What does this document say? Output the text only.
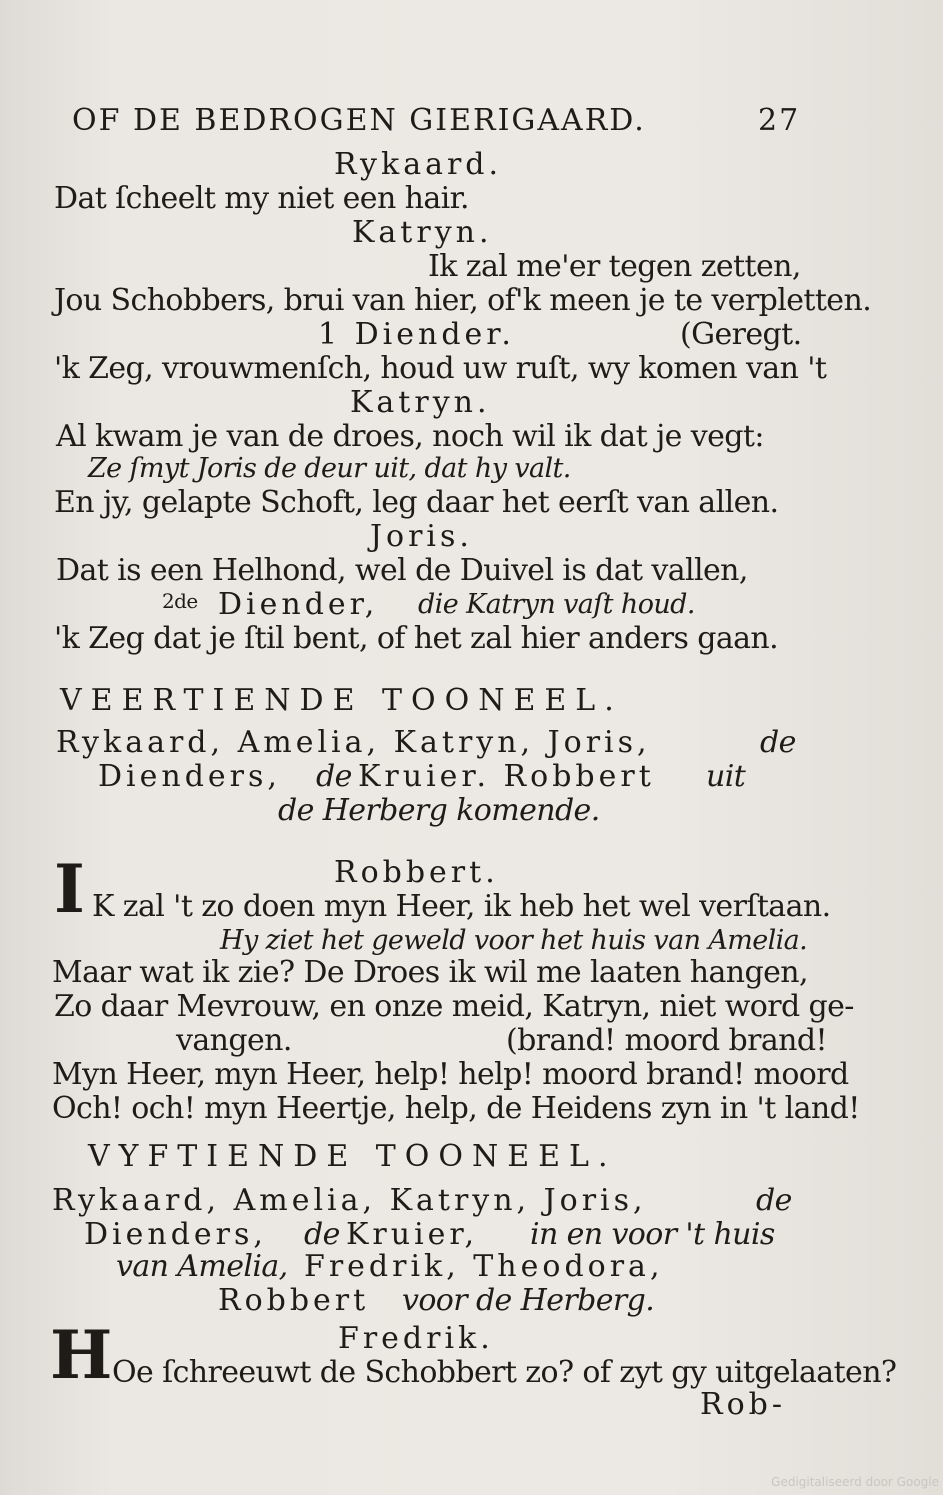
OF DE BEDROGEN GIERIGAARD.	27
Rykaard.
Dat ſcheelt my niet een hair.
Katryn.
Ik zal me'er tegen zetten,
Jou Schobbers, brui van hier, of'k meen je te verpletten.
1 Diender.	(Geregt.
'k Zeg, vrouwmenſch, houd uw ruſt, wy komen van 't
Katryn.
Al kwam je van de droes, noch wil ik dat je vegt:
Ze ſmyt Joris de deur uit, dat hy valt.
En jy, gelapte Schoft, leg daar het eerſt van allen.
Joris.
Dat is een Helhond, wel de Duivel is dat vallen,
2de Diender, die Katryn vaſt houd.
'k Zeg dat je ſtil bent, of het zal hier anders gaan.
VEERTIENDE TOONEEL.
Rykaard, Amelia, Katryn, Joris,	de
Dienders, de Kruier. Robbert uit
de Herberg komende.
Robbert.
I K zal 't zo doen myn Heer, ik heb het wel verſtaan.
Hy ziet het geweld voor het huis van Amelia.
Maar wat ik zie? De Droes ik wil me laaten hangen,
Zo daar Mevrouw, en onze meid, Katryn, niet word ge-
vangen.	(brand! moord brand!
Myn Heer, myn Heer, help! help! moord brand! moord
Och! och! myn Heertje, help, de Heidens zyn in 't land!
VYFTIENDE TOONEEL.
Rykaard, Amelia, Katryn, Joris,	de
Dienders, de Kruier, in en voor 't huis
van Amelia, Fredrik, Theodora,
Robbert voor de Herberg.
Fredrik.
H Oe ſchreeuwt de Schobbert zo? of zyt gy uitgelaaten?
Rob-
Gedigitaliseerd door Google
